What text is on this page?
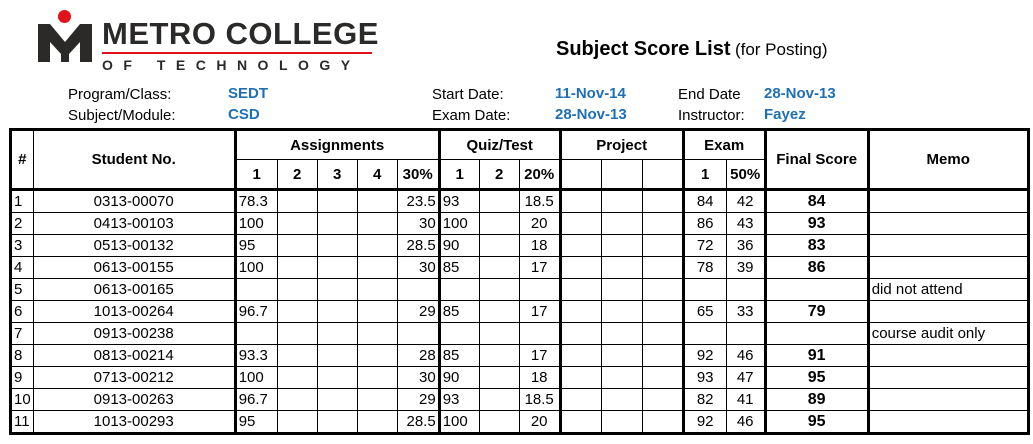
METRO COLLEGE
OF TECHNOLOGY
Subject Score List (for Posting)
Program/Class:	SEDT
Subject/Module:	CSD
Start Date:	11-Nov-14
Exam Date:	28-Nov-13
End Date 28-Nov-13
Instructor: Fayez
#	Student No.	Assignments					Quiz/Test			Project			Exam		Final Score	Memo
		1	2	3	4	30%	1	2	20%				1	50%		
1	0313-00070	78.3				23.5	93		18.5				84	42	84	
2	0413-00103	100				30	100		20				86	43	93	
3	0513-00132	95				28.5	90		18				72	36	83	
4	0613-00155	100				30	85		17				78	39	86	
5	0613-00165															did not attend
6	1013-00264	96.7				29	85		17				65	33	79	
7	0913-00238															course audit only
8	0813-00214	93.3				28	85		17				92	46	91	
9	0713-00212	100				30	90		18				93	47	95	
10	0913-00263	96.7				29	93		18.5				82	41	89	
11	1013-00293	95				28.5	100		20				92	46	95	
